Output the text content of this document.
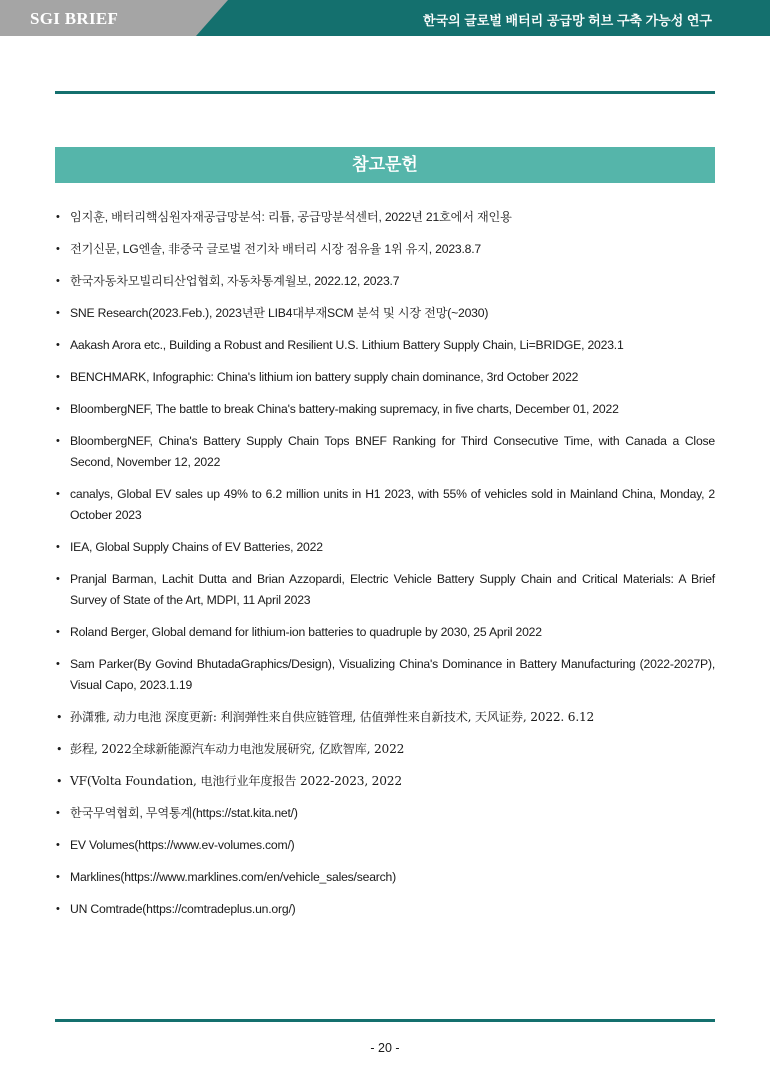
SGI BRIEF	한국의 글로벌 배터리 공급망 허브 구축 가능성 연구
참고문헌
• 임지훈, 배터리핵심원자재공급망분석: 리튬, 공급망분석센터, 2022년 21호에서 재인용
• 전기신문, LG엔솔, 非중국 글로벌 전기차 배터리 시장 점유율 1위 유지, 2023.8.7
• 한국자동차모빌리티산업협회, 자동차통계월보, 2022.12, 2023.7
• SNE Research(2023.Feb.), 2023년판 LIB4대부재SCM 분석 및 시장 전망(~2030)
• Aakash Arora etc., Building a Robust and Resilient U.S. Lithium Battery Supply Chain, Li=BRIDGE, 2023.1
• BENCHMARK, Infographic: China's lithium ion battery supply chain dominance, 3rd October 2022
• BloombergNEF, The battle to break China's battery-making supremacy, in five charts, December 01, 2022
• BloombergNEF, China's Battery Supply Chain Tops BNEF Ranking for Third Consecutive Time, with Canada a Close Second, November 12, 2022
• canalys, Global EV sales up 49% to 6.2 million units in H1 2023, with 55% of vehicles sold in Mainland China, Monday, 2 October 2023
• IEA, Global Supply Chains of EV Batteries, 2022
• Pranjal Barman, Lachit Dutta and Brian Azzopardi, Electric Vehicle Battery Supply Chain and Critical Materials: A Brief Survey of State of the Art, MDPI, 11 April 2023
• Roland Berger, Global demand for lithium-ion batteries to quadruple by 2030, 25 April 2022
• Sam Parker(By Govind BhutadaGraphics/Design), Visualizing China's Dominance in Battery Manufacturing (2022-2027P), Visual Capo, 2023.1.19
• 孙潇雅, 动力电池 深度更新: 利润弹性来自供应链管理, 估值弹性来自新技术, 天风证券, 2022. 6.12
• 彭程, 2022全球新能源汽车动力电池发展研究, 亿欧智库, 2022
• VF(Volta Foundation, 电池行业年度报告 2022-2023, 2022
• 한국무역협회, 무역통계(https://stat.kita.net/)
• EV Volumes(https://www.ev-volumes.com/)
• Marklines(https://www.marklines.com/en/vehicle_sales/search)
• UN Comtrade(https://comtradeplus.un.org/)
- 20 -
